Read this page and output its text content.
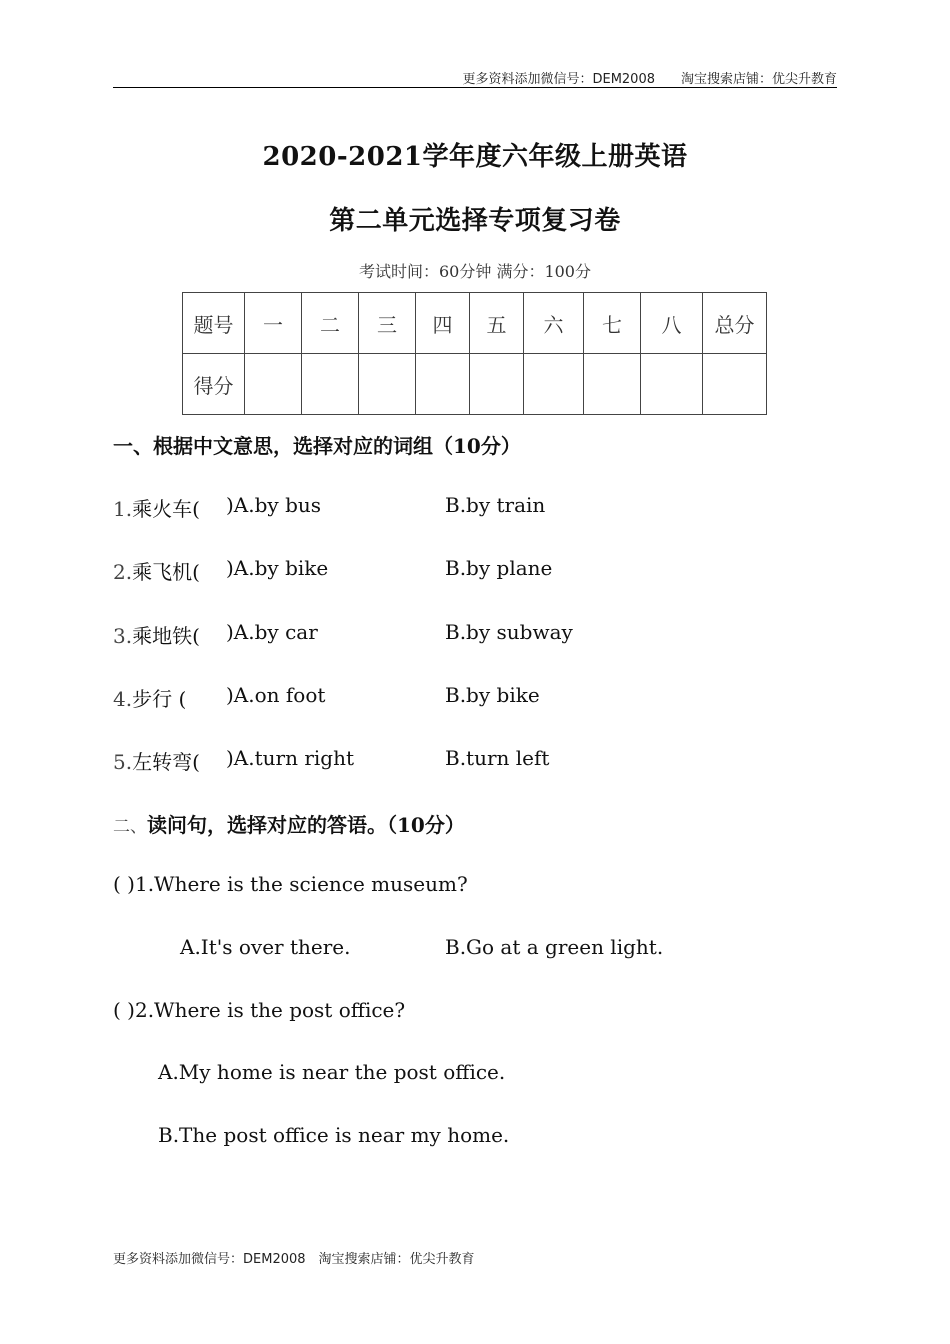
更多资料添加微信号：DEM2008　　淘宝搜索店铺：优尖升教育
2020-2021学年度六年级上册英语
第二单元选择专项复习卷
考试时间：60分钟 满分：100分
题号	一	二	三	四	五	六	七	八	总分
得分									
一、根据中文意思，选择对应的词组（10分）
1.乘火车( )A.by bus	B.by train
2.乘飞机( )A.by bike	B.by plane
3.乘地铁( )A.by car	B.by subway
4.步行 ( )A.on foot	B.by bike
5.左转弯( )A.turn right	B.turn left
二、读问句，选择对应的答语。（10分）
( )1.Where is the science museum?
A.It's over there.	B.Go at a green light.
( )2.Where is the post office?
A.My home is near the post office.
B.The post office is near my home.
更多资料添加微信号：DEM2008　淘宝搜索店铺：优尖升教育
